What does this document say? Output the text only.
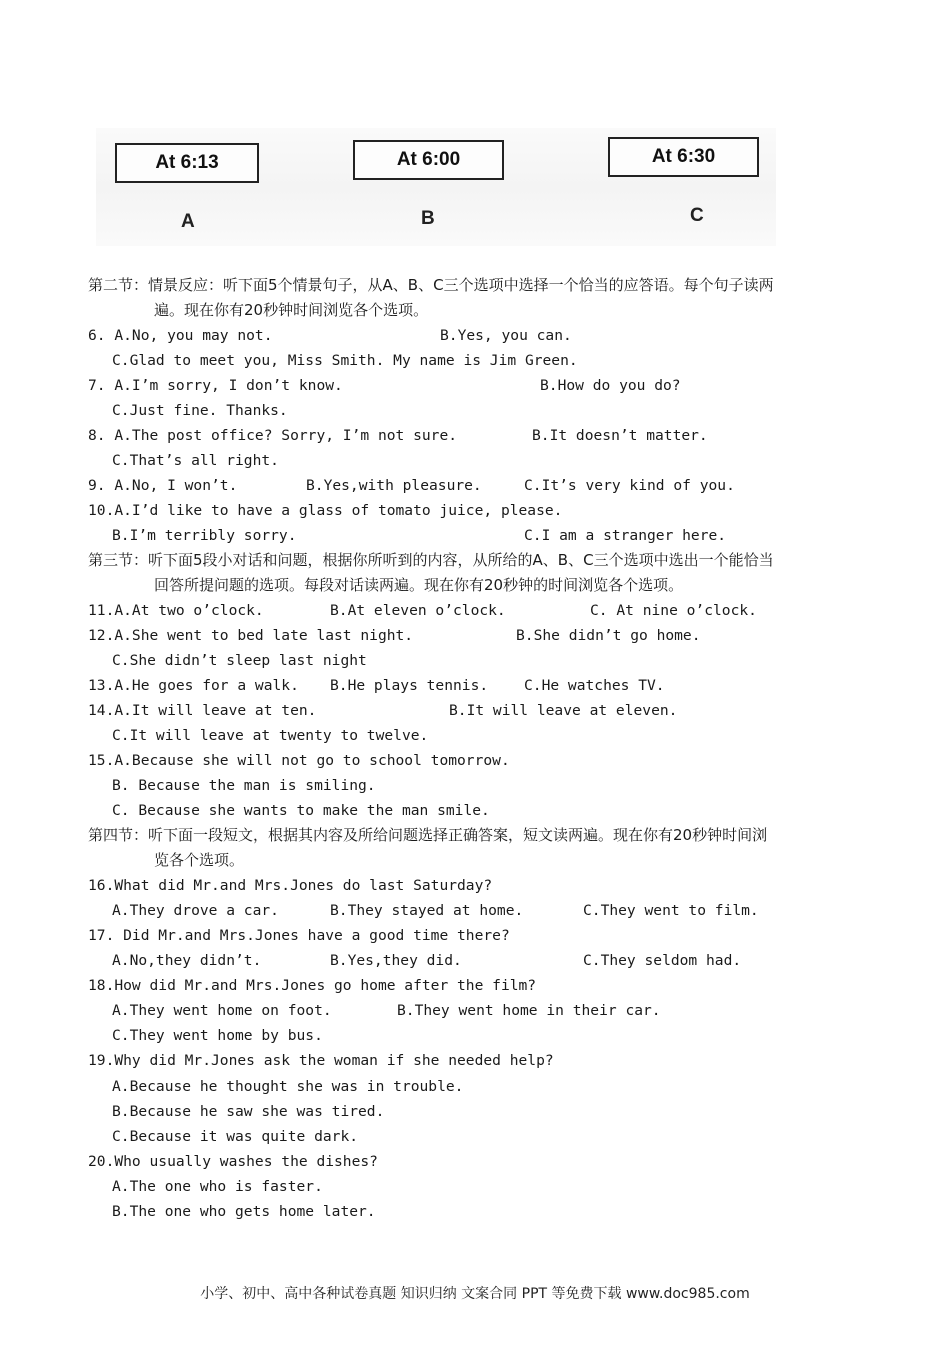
At 6:13	At 6:00	At 6:30
A	B	C
第二节：情景反应：听下面5个情景句子，从A、B、C三个选项中选择一个恰当的应答语。每个句子读两
遍。现在你有20秒钟时间浏览各个选项。
6. A.No, you may not.	B.Yes, you can.
C.Glad to meet you, Miss Smith. My name is Jim Green.
7. A.I’m sorry, I don’t know.	B.How do you do?
C.Just fine. Thanks.
8. A.The post office? Sorry, I’m not sure.	B.It doesn’t matter.
C.That’s all right.
9. A.No, I won’t.	B.Yes,with pleasure.	C.It’s very kind of you.
10.A.I’d like to have a glass of tomato juice, please.
B.I’m terribly sorry.	C.I am a stranger here.
第三节：听下面5段小对话和问题，根据你所听到的内容，从所给的A、B、C三个选项中选出一个能恰当
回答所提问题的选项。每段对话读两遍。现在你有20秒钟的时间浏览各个选项。
11.A.At two o’clock.	B.At eleven o’clock.	C. At nine o’clock.
12.A.She went to bed late last night.	B.She didn’t go home.
C.She didn’t sleep last night
13.A.He goes for a walk. B.He plays tennis. C.He watches TV.
14.A.It will leave at ten.	B.It will leave at eleven.
C.It will leave at twenty to twelve.
15.A.Because she will not go to school tomorrow.
B. Because the man is smiling.
C. Because she wants to make the man smile.
第四节：听下面一段短文，根据其内容及所给问题选择正确答案，短文读两遍。现在你有20秒钟时间浏
览各个选项。
16.What did Mr.and Mrs.Jones do last Saturday?
A.They drove a car.	B.They stayed at home.	C.They went to film.
17. Did Mr.and Mrs.Jones have a good time there?
A.No,they didn’t.	B.Yes,they did.	C.They seldom had.
18.How did Mr.and Mrs.Jones go home after the film?
A.They went home on foot.	B.They went home in their car.
C.They went home by bus.
19.Why did Mr.Jones ask the woman if she needed help?
A.Because he thought she was in trouble.
B.Because he saw she was tired.
C.Because it was quite dark.
20.Who usually washes the dishes?
A.The one who is faster.
B.The one who gets home later.
小学、初中、高中各种试卷真题 知识归纳 文案合同 PPT 等免费下载 www.doc985.com
